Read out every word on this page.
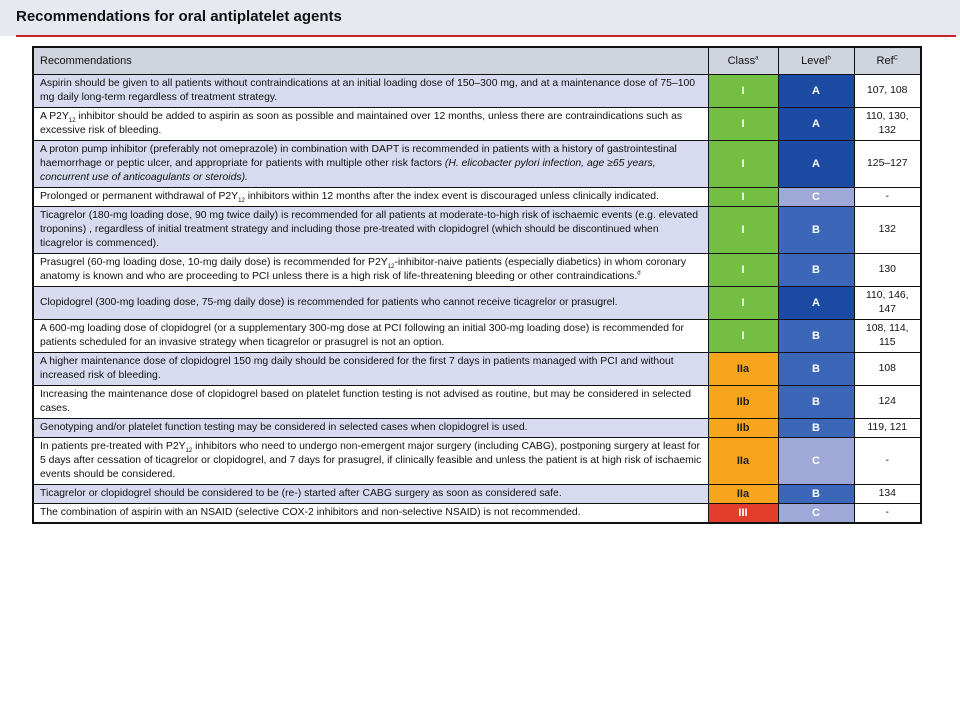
Recommendations for oral antiplatelet agents
Recommendations	Class$^a$	Level$^b$	Ref$^C$
Aspirin should be given to all patients without contraindications at an initial loading dose of 150–300 mg, and at a maintenance dose of 75–100 mg daily long-term regardless of treatment strategy.	I	A	107, 108
A $P2Y_{12}$ inhibitor should be added to aspirin as soon as possible and maintained over 12 months, unless there are contraindications such as excessive risk of bleeding.	I	A	110, 130, 132
A proton pump inhibitor (preferably not omeprazole) in combination with DAPT is recommended in patients with a history of gastrointestinal haemorrhage or peptic ulcer, and appropriate for patients with multiple other risk factors (H. elicobacter pylori infection, age ≥65 years, concurrent use of anticoagulants or steroids).	I	A	125–127
Prolonged or permanent withdrawal of $P2Y_{12}$ inhibitors within 12 months after the index event is discouraged unless clinically indicated.	I	C	-
Ticagrelor (180-mg loading dose, 90 mg twice daily) is recommended for all patients at moderate-to-high risk of ischaemic events (e.g. elevated troponins) , regardless of initial treatment strategy and including those pre-treated with clopidogrel (which should be discontinued when ticagrelor is commenced).	I	B	132
Prasugrel (60-mg loading dose, 10-mg daily dose) is recommended for $P2Y_{12}-inhibitor$-naive patients (especially diabetics) in whom coronary anatomy is known and who are proceeding to PCI unless there is a high risk of life-threatening bleeding or other contraindications.$^d$	I	B	130
Clopidogrel (300-mg loading dose, 75-mg daily dose) is recommended for patients who cannot receive ticagrelor or prasugrel.	I	A	110, 146, 147
A 600-mg loading dose of clopidogrel (or a supplementary 300-mg dose at PCI following an initial 300-mg loading dose) is recommended for patients scheduled for an invasive strategy when ticagrelor or prasugrel is not an option.	I	B	108, 114, 115
A higher maintenance dose of clopidogrel 150 mg daily should be considered for the first 7 days in patients managed with PCI and without increased risk of bleeding.	IIa	B	108
Increasing the maintenance dose of clopidogrel based on platelet function testing is not advised as routine, but may be considered in selected cases.	IIb	B	124
Genotyping and/or platelet function testing may be considered in selected cases when clopidogrel is used.	IIb	B	119, 121
In patients pre-treated with $P2Y_{12}$ inhibitors who need to undergo non-emergent major surgery (including CABG), postponing surgery at least for 5 days after cessation of ticagrelor or clopidogrel, and 7 days for prasugrel, if clinically feasible and unless the patient is at high risk of ischaemic events should be considered.	IIa	C	-
Ticagrelor or clopidogrel should be considered to be (re-) started after CABG surgery as soon as considered safe.	IIa	B	134
The combination of aspirin with an NSAID (selective COX-2 inhibitors and non-selective NSAID) is not recommended.	III	C	-
